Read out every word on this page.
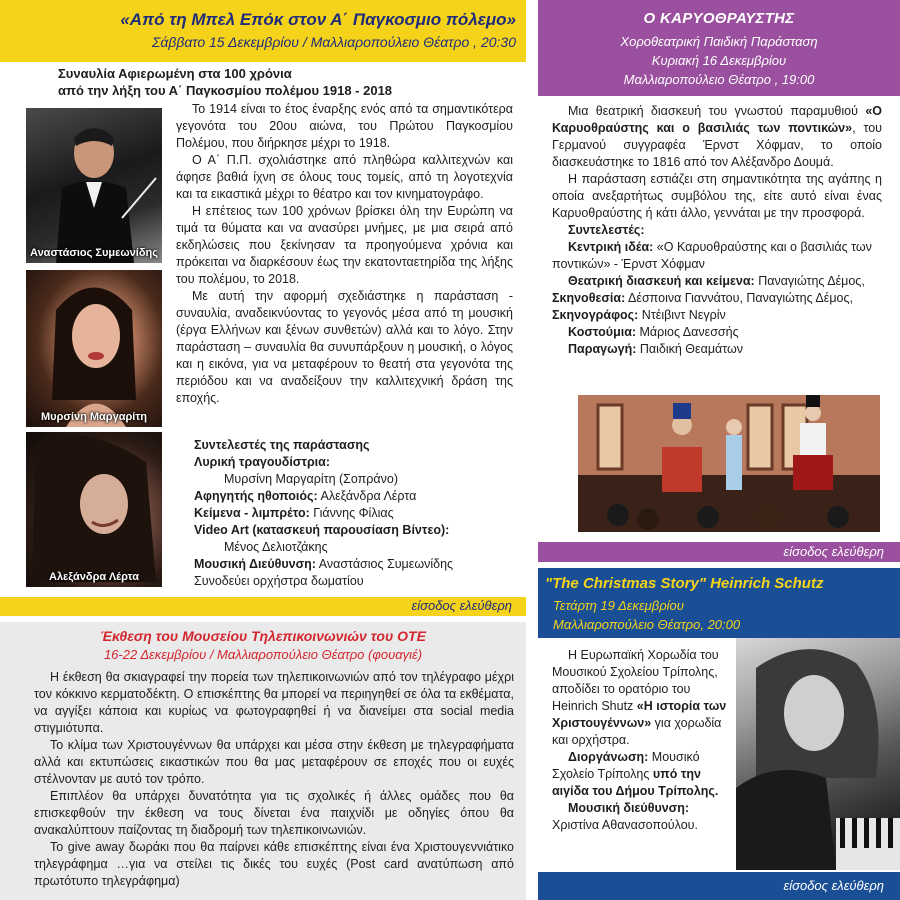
«Από τη Μπελ Επόκ στον Α΄ Παγκοσμιο πόλεμο»
Σάββατο 15 Δεκεμβρίου / Μαλλιαροπούλειο Θέατρο , 20:30
Συναυλία Αφιερωμένη στα 100 χρόνια
από την λήξη του Α΄ Παγκοσμίου πολέμου 1918 - 2018
Αναστάσιος Συμεωνίδης
Μυρσίνη Μαργαρίτη
Αλεξάνδρα Λέρτα

Το 1914 είναι το έτος έναρξης ενός από τα σημαντικότερα γεγονότα του 20ου αιώνα, του Πρώτου Παγκοσμίου Πολέμου, που διήρκησε μέχρι το 1918.

Ο Α΄ Π.Π. σχολιάστηκε από πληθώρα καλλιτεχνών και άφησε βαθιά ίχνη σε όλους τους τομείς, από τη λογοτεχνία και τα εικαστικά μέχρι το θέατρο και τον κινηματογράφο.

Η επέτειος των 100 χρόνων βρίσκει όλη την Ευρώπη να τιμά τα θύματα και να ανασύρει μνήμες, με μια σειρά από εκδηλώσεις που ξεκίνησαν τα προηγούμενα χρόνια και πρόκειται να διαρκέσουν έως την εκατονταετηρίδα της λήξης του πολέμου, το 2018.

Με αυτή την αφορμή σχεδιάστηκε η παράσταση - συναυλία, αναδεικνύοντας το γεγονός μέσα από τη μουσική (έργα Ελλήνων και ξένων συνθετών) αλλά και το λόγο. Στην παράσταση – συναυλία θα συνυπάρξουν η μουσική, ο λόγος και η εικόνα, για να μεταφέρουν το θεατή στα γεγονότα της περιόδου και να αναδείξουν την καλλιτεχνική δράση της εποχής.

Συντελεστές της παράστασης

Λυρική τραγουδίστρια:

Μυρσίνη Μαργαρίτη (Σοπράνο)

Αφηγητής ηθοποιός: Αλεξάνδρα Λέρτα

Κείμενα - λιμπρέτο: Γιάννης Φίλιας

Video Art (κατασκευή παρουσίαση Βίντεο):

Μένος Δελιοτζάκης

Μουσική Διεύθυνση: Αναστάσιος Συμεωνίδης

Συνοδεύει ορχήστρα δωματίου

είσοδος ελεύθερη
Έκθεση του Μουσείου Τηλεπικοινωνιών του ΟΤΕ
16-22 Δεκεμβρίου / Μαλλιαροπούλειο Θέατρο (φουαγιέ)

Η έκθεση θα σκιαγραφεί την πορεία των τηλεπικοινωνιών από τον τηλέγραφο μέχρι τον κόκκινο κερματοδέκτη. Ο επισκέπτης θα μπορεί να περιηγηθεί σε όλα τα εκθέματα, να αγγίξει κάποια και κυρίως να φωτογραφηθεί ή να διανείμει στα social media στιγμιότυπα.

Το κλίμα των Χριστουγέννων θα υπάρχει και μέσα στην έκθεση με τηλεγραφήματα αλλά και εκτυπώσεις εικαστικών που θα μας μεταφέρουν σε εποχές που οι ευχές στέλνονταν με αυτό τον τρόπο.

Επιπλέον θα υπάρχει δυνατότητα για τις σχολικές ή άλλες ομάδες που θα επισκεφθούν την έκθεση να τους δίνεται ένα παιχνίδι με οδηγίες όπου θα ανακαλύπτουν παίζοντας τη διαδρομή των τηλεπικοινωνιών.

To give away δωράκι που θα παίρνει κάθε επισκέπτης είναι ένα Χριστουγεννιάτικο τηλεγράφημα …για να στείλει τις δικές του ευχές (Post card ανατύπωση από πρωτότυπο τηλεγράφημα)

Ο ΚΑΡΥΟΘΡΑΥΣΤΗΣ
Χοροθεατρική Παιδική Παράσταση
Κυριακή 16 Δεκεμβρίου
Μαλλιαροπούλειο Θέατρο , 19:00

Μια θεατρική διασκευή του γνωστού παραμυθιού «Ο Καρυοθραύστης και ο βασιλιάς των ποντικών», του Γερμανού συγγραφέα Έρνστ Χόφμαν, το οποίο διασκευάστηκε το 1816 από τον Αλέξανδρο Δουμά.

Η παράσταση εστιάζει στη σημαντικότητα της αγάπης η οποία ανεξαρτήτως συμβόλου της, είτε αυτό είναι ένας Καρυοθραύστης ή κάτι άλλο, γεννάται με την προσφορά.

Συντελεστές:

Κεντρική ιδέα: «Ο Καρυοθραύστης και ο βασιλιάς των ποντικών» - Έρνστ Χόφμαν

Θεατρική διασκευή και κείμενα: Παναγιώτης Δέμος, Σκηνοθεσία: Δέσποινα Γιαννάτου, Παναγιώτης Δέμος, Σκηνογράφος: Ντέιβιντ Νεγρίν

Κοστούμια: Μάριος Δανεσσής

Παραγωγή: Παιδική Θεαμάτων

είσοδος ελεύθερη
"The Christmas Story" Heinrich Schutz
Τετάρτη 19 Δεκεμβρίου
Μαλλιαροπούλειο Θέατρο, 20:00

Η Ευρωπαϊκή Χορωδία του Μουσικού Σχολείου Τρίπολης, αποδίδει το ορατόριο του Heinrich Shutz «Η ιστορία των Χριστουγέννων» για χορωδία και ορχήστρα.

Διοργάνωση: Μουσικό Σχολείο Τρίπολης υπό την αιγίδα του Δήμου Τρίπολης.

Μουσική διεύθυνση:

Χριστίνα Αθανασοπούλου.

είσοδος ελεύθερη
